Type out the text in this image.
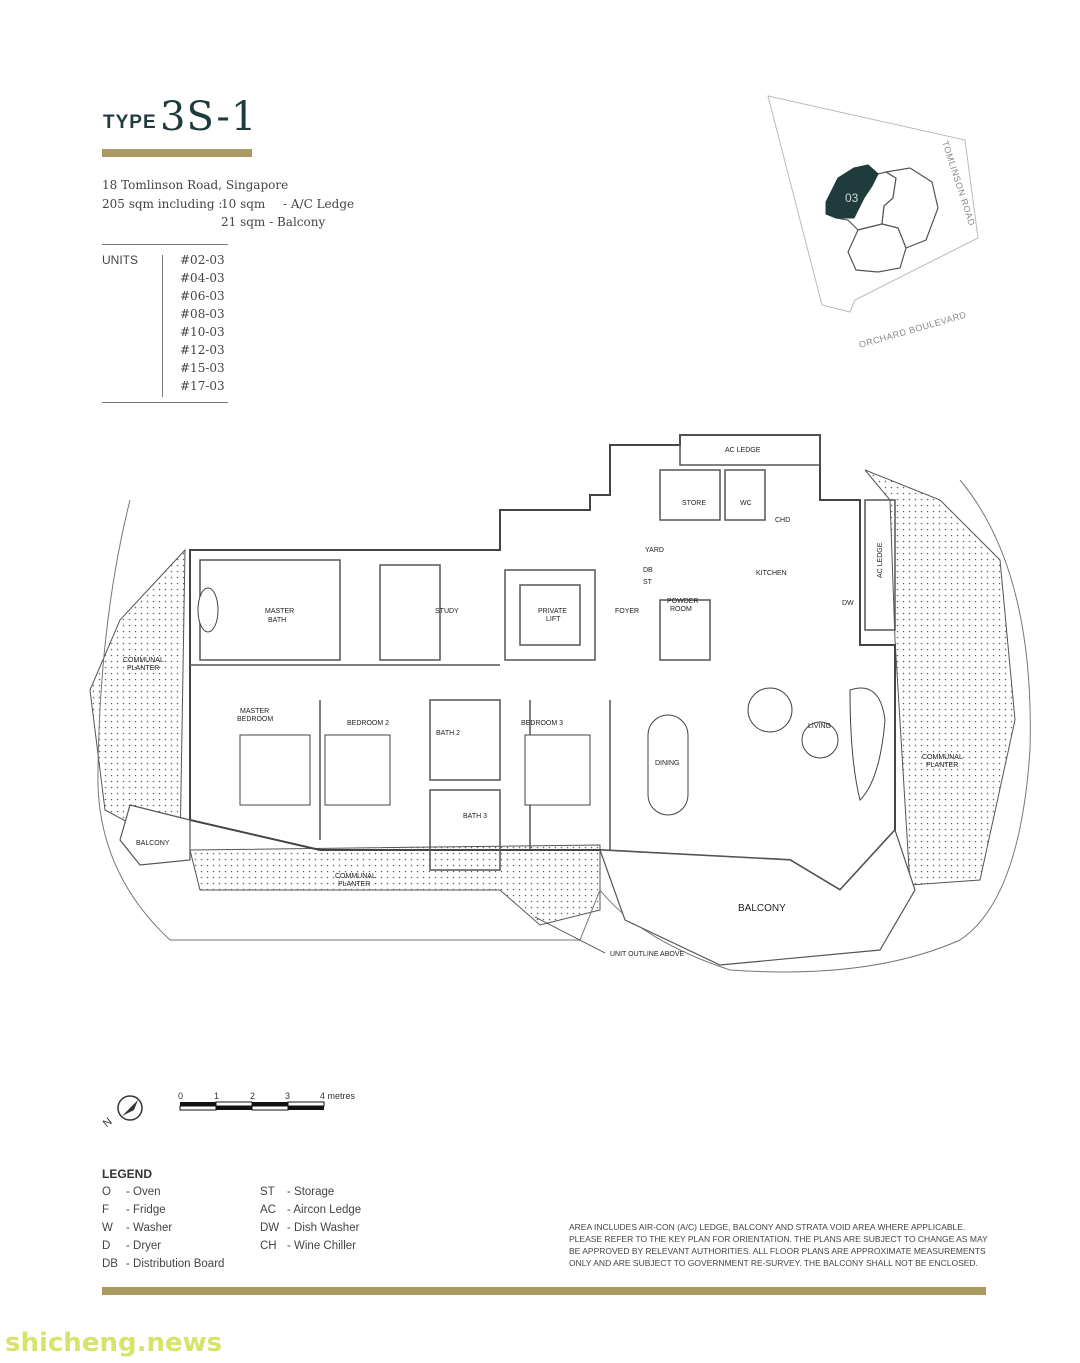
TYPE 3S-1
18 Tomlinson Road, Singapore
205 sqm including :
10 sqm - A/C Ledge
21 sqm - Balcony
UNITS	#02-03
#04-03
#06-03
#08-03
#10-03
#12-03
#15-03
#17-03
03	TOMLINSON ROAD
ORCHARD BOULEVARD
AC LEDGE
STORE	WC
CHD
YARD
KITCHEN	AC LEDGE
DB
ST
DW
MASTER
BATH
STUDY	PRIVATE
LIFT
FOYER
POWDER
ROOM
COMMUNAL
PLANTER
MASTER
BEDROOM
BEDROOM 2
BATH 2
BATH 3
BEDROOM 3
DINING
LIVING
COMMUNAL
PLANTER
BALCONY
COMMUNAL
PLANTER
BALCONY
UNIT OUTLINE ABOVE
N
0	1	2	3	4 metres
LEGEND
O - Oven
F - Fridge
W - Washer
D - Dryer
DB - Distribution Board
ST - Storage
AC - Aircon Ledge
DW - Dish Washer
CH - Wine Chiller
AREA INCLUDES AIR-CON (A/C) LEDGE, BALCONY AND STRATA VOID AREA WHERE APPLICABLE. PLEASE REFER TO THE KEY PLAN FOR ORIENTATION. THE PLANS ARE SUBJECT TO CHANGE AS MAY BE APPROVED BY RELEVANT AUTHORITIES. ALL FLOOR PLANS ARE APPROXIMATE MEASUREMENTS ONLY AND ARE SUBJECT TO GOVERNMENT RE-SURVEY. THE BALCONY SHALL NOT BE ENCLOSED.
shicheng.news
